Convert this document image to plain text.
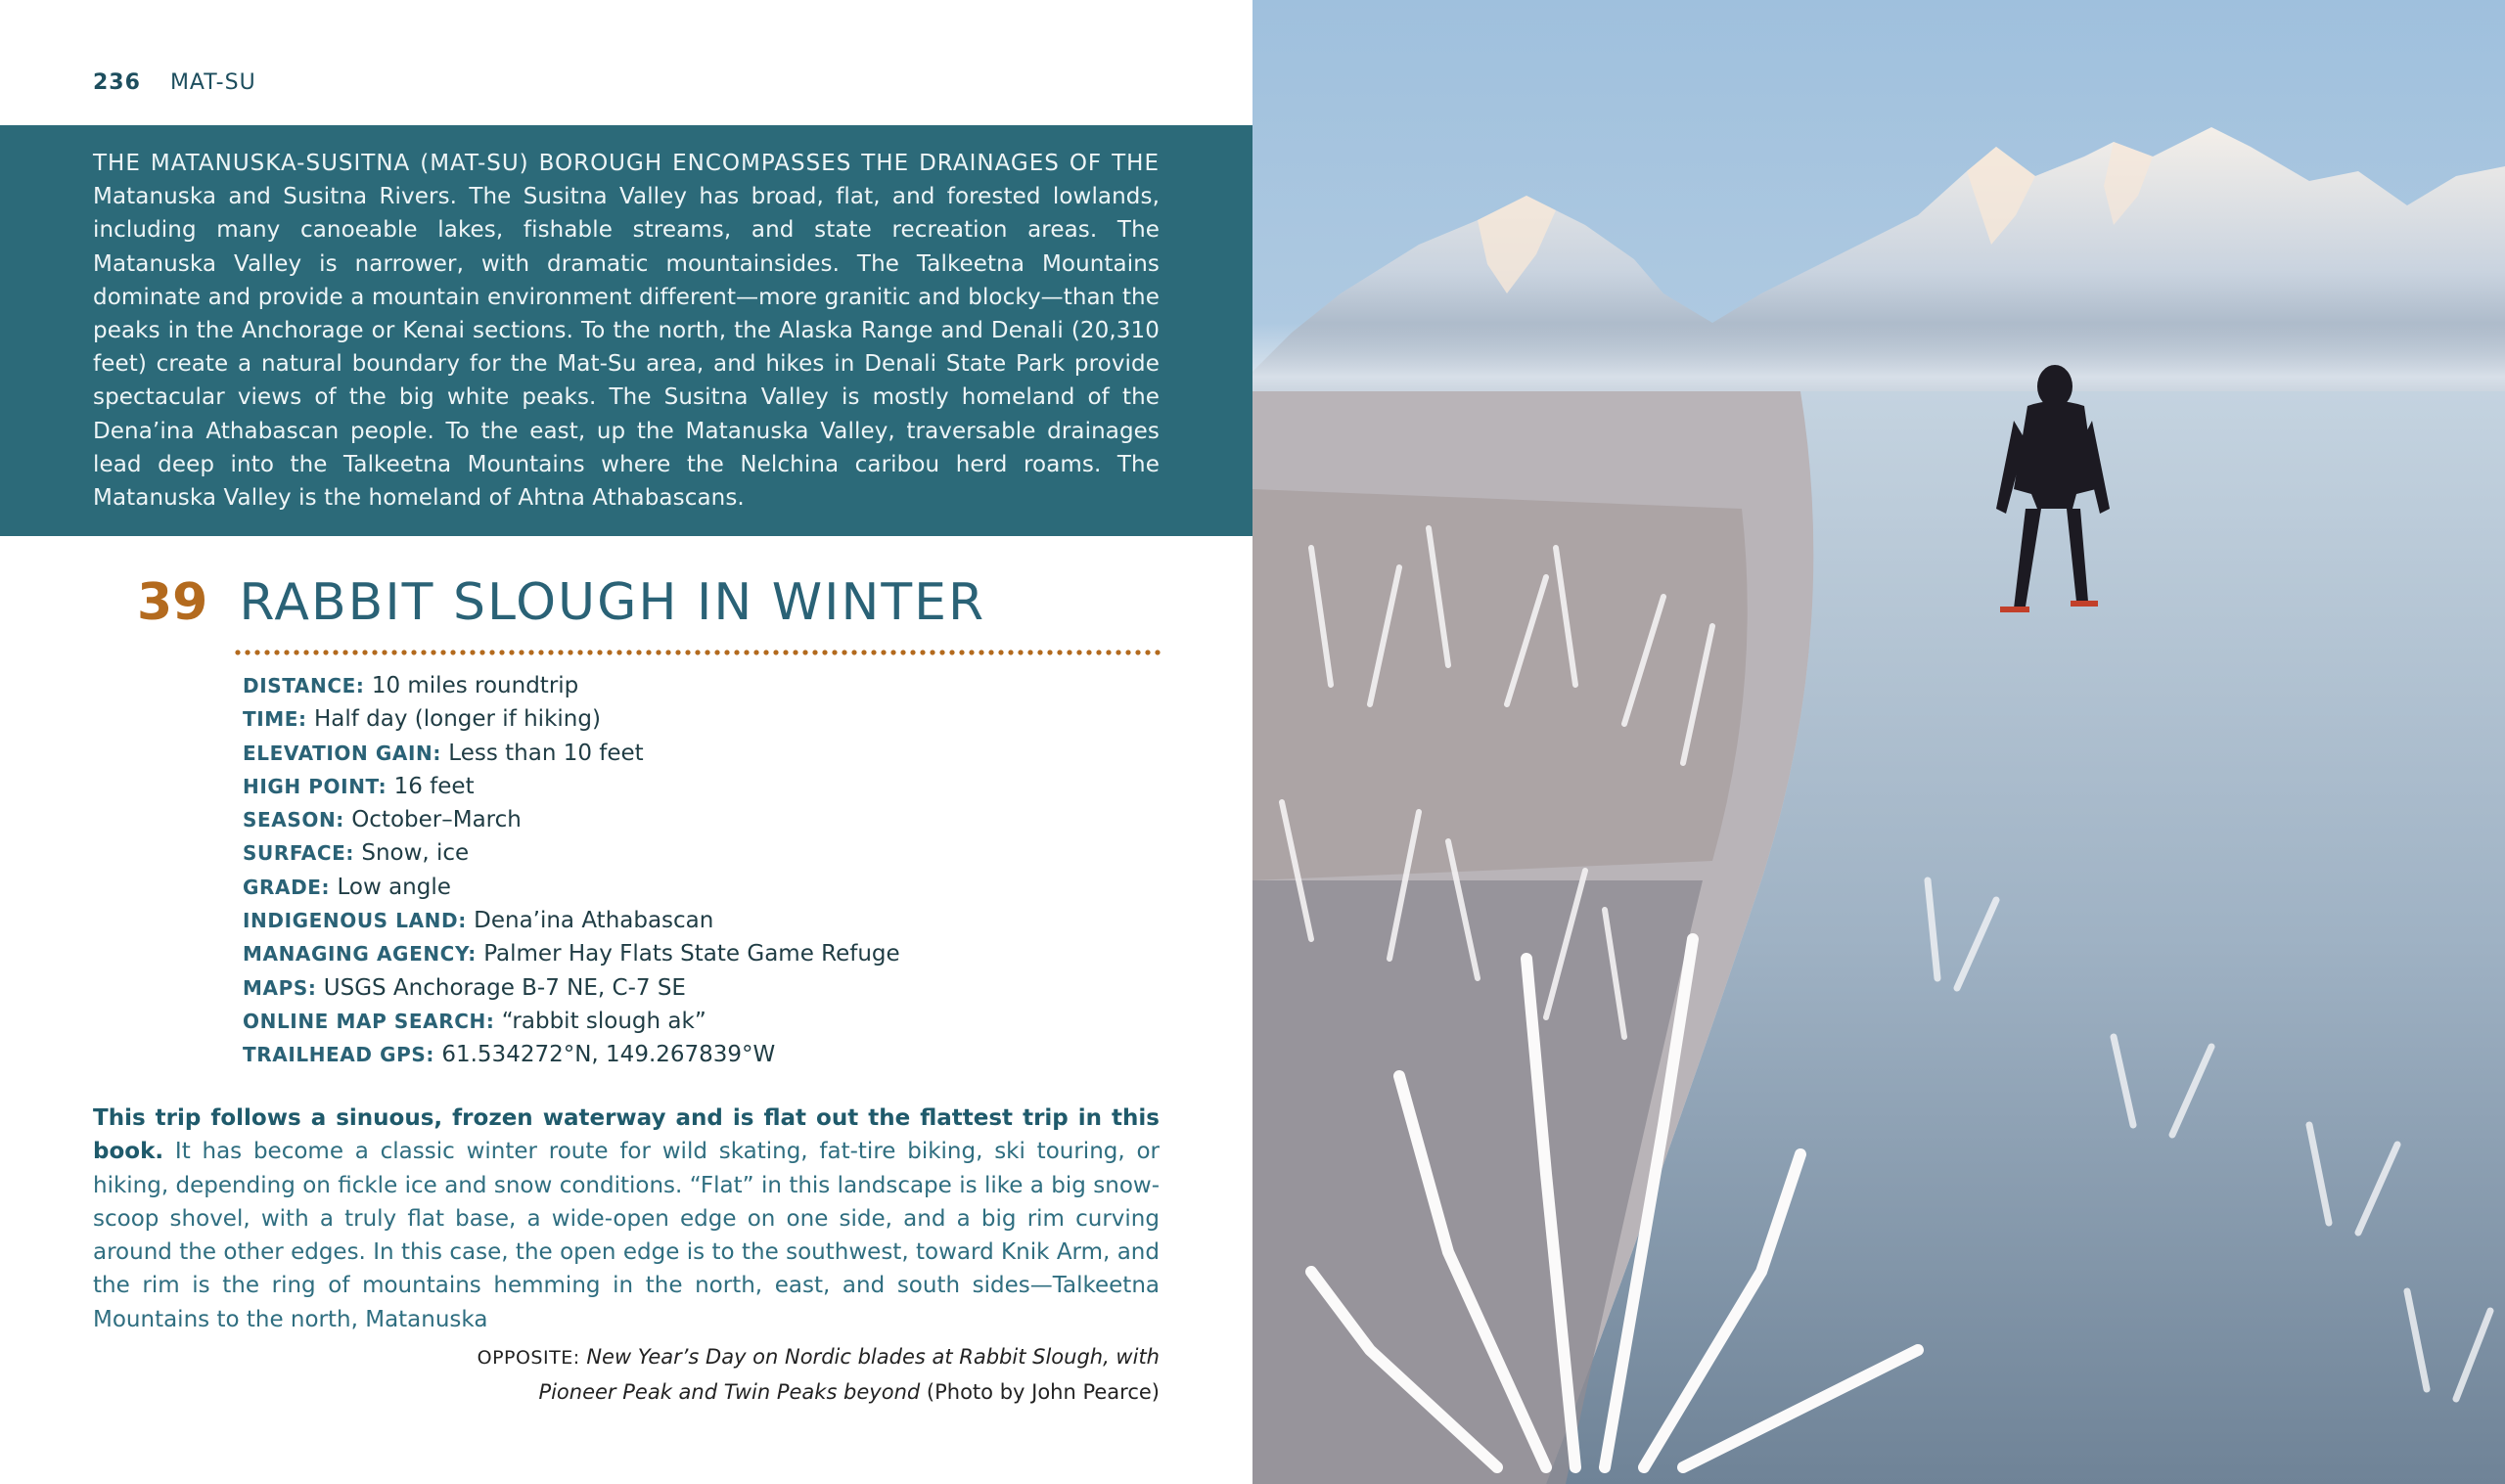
236 MAT-SU

THE MATANUSKA-SUSITNA (MAT-SU) BOROUGH ENCOMPASSES THE DRAINAGES OF THE Matanuska and Susitna Rivers. The Susitna Valley has broad, flat, and forested lowlands, including many canoeable lakes, fishable streams, and state recreation areas. The Matanuska Valley is narrower, with dramatic mountainsides. The Talkeetna Mountains dominate and provide a mountain environment different—more granitic and blocky—than the peaks in the Anchorage or Kenai sections. To the north, the Alaska Range and Denali (20,310 feet) create a natural boundary for the Mat-Su area, and hikes in Denali State Park provide spectacular views of the big white peaks. The Susitna Valley is mostly homeland of the Dena’ina Athabascan people. To the east, up the Matanuska Valley, traversable drainages lead deep into the Talkeetna Mountains where the Nelchina caribou herd roams. The Matanuska Valley is the homeland of Ahtna Athabascans.

39 RABBIT SLOUGH IN WINTER
DISTANCE: 10 miles roundtrip
TIME: Half day (longer if hiking)
ELEVATION GAIN: Less than 10 feet
HIGH POINT: 16 feet
SEASON: October–March
SURFACE: Snow, ice
GRADE: Low angle
INDIGENOUS LAND: Dena’ina Athabascan
MANAGING AGENCY: Palmer Hay Flats State Game Refuge
MAPS: USGS Anchorage B-7 NE, C-7 SE
ONLINE MAP SEARCH: “rabbit slough ak”
TRAILHEAD GPS: 61.534272°N, 149.267839°W

This trip follows a sinuous, frozen waterway and is flat out the flattest trip in this book. It has become a classic winter route for wild skating, fat-tire biking, ski touring, or hiking, depending on fickle ice and snow conditions. “Flat” in this landscape is like a big snow-scoop shovel, with a truly flat base, a wide-open edge on one side, and a big rim curving around the other edges. In this case, the open edge is to the southwest, toward Knik Arm, and the rim is the ring of mountains hemming in the north, east, and south sides—Talkeetna Mountains to the north, Matanuska

OPPOSITE: New Year’s Day on Nordic blades at Rabbit Slough, with Pioneer Peak and Twin Peaks beyond (Photo by John Pearce)
